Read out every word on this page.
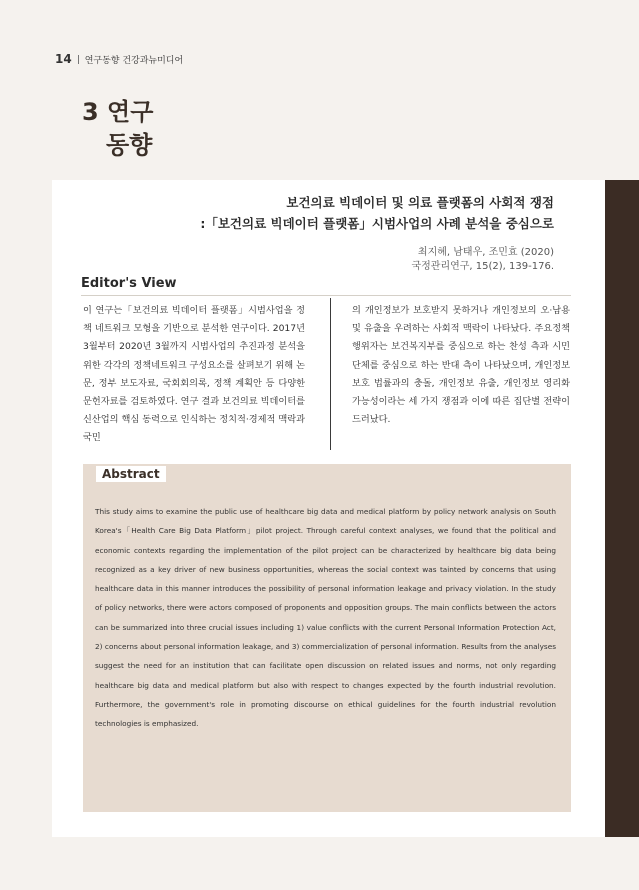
14 연구동향 건강과뉴미디어
3 연구
동향
보건의료 빅데이터 및 의료 플랫폼의 사회적 쟁점
:「보건의료 빅데이터 플랫폼」시범사업의 사례 분석을 중심으로
최지혜, 남태우, 조민효 (2020)
국정관리연구, 15(2), 139-176.
Editor's View
이 연구는「보건의료 빅데이터 플랫폼」시범사업을 정책 네트워크 모형을 기반으로 분석한 연구이다. 2017년 3월부터 2020년 3월까지 시범사업의 추진과정 분석을 위한 각각의 정책네트워크 구성요소를 살펴보기 위해 논문, 정부 보도자료, 국회회의록, 정책 계획안 등 다양한 문헌자료를 검토하였다. 연구 결과 보건의료 빅데이터를 신산업의 핵심 동력으로 인식하는 정치적·경제적 맥락과 국민
의 개인정보가 보호받지 못하거나 개인정보의 오·남용 및 유출을 우려하는 사회적 맥락이 나타났다. 주요정책 행위자는 보건복지부를 중심으로 하는 찬성 측과 시민단체를 중심으로 하는 반대 측이 나타났으며, 개인정보보호 법률과의 충돌, 개인정보 유출, 개인정보 영리화 가능성이라는 세 가지 쟁점과 이에 따른 집단별 전략이 드러났다.
Abstract
This study aims to examine the public use of healthcare big data and medical platform by policy network analysis on South Korea's「Health Care Big Data Platform」pilot project. Through careful context analyses, we found that the political and economic contexts regarding the implementation of the pilot project can be characterized by healthcare big data being recognized as a key driver of new business opportunities, whereas the social context was tainted by concerns that using healthcare data in this manner introduces the possibility of personal information leakage and privacy violation. In the study of policy networks, there were actors composed of proponents and opposition groups. The main conflicts between the actors can be summarized into three crucial issues including 1) value conflicts with the current Personal Information Protection Act, 2) concerns about personal information leakage, and 3) commercialization of personal information. Results from the analyses suggest the need for an institution that can facilitate open discussion on related issues and norms, not only regarding healthcare big data and medical platform but also with respect to changes expected by the fourth industrial revolution. Furthermore, the government's role in promoting discourse on ethical guidelines for the fourth industrial revolution technologies is emphasized.
